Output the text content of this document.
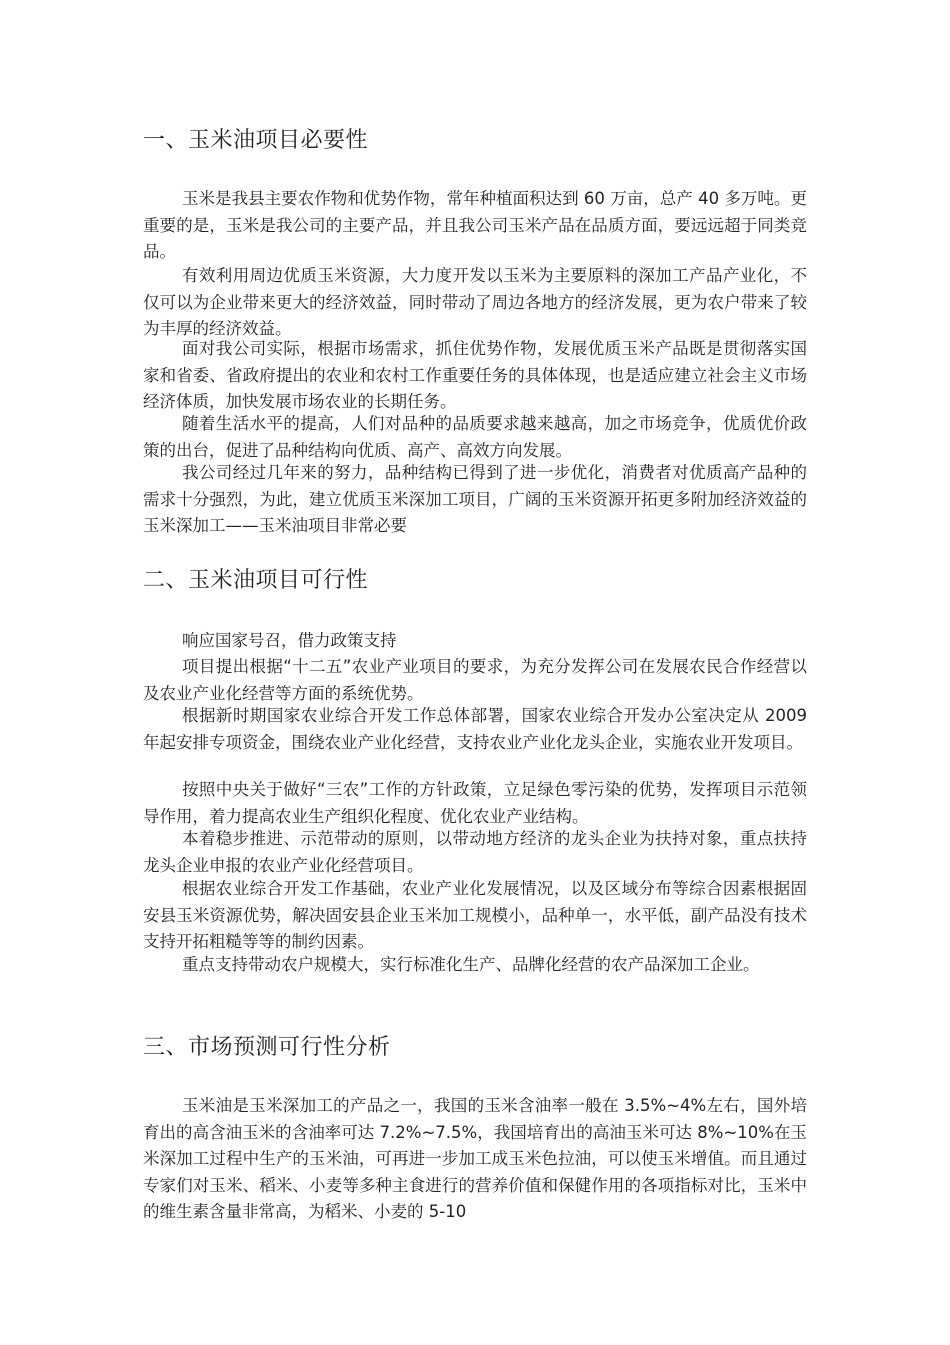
一、玉米油项目必要性

玉米是我县主要农作物和优势作物，常年种植面积达到 60 万亩，总产 40 多万吨。更重要的是，玉米是我公司的主要产品，并且我公司玉米产品在品质方面，要远远超于同类竞品。

有效利用周边优质玉米资源，大力度开发以玉米为主要原料的深加工产品产业化，不仅可以为企业带来更大的经济效益，同时带动了周边各地方的经济发展，更为农户带来了较为丰厚的经济效益。

面对我公司实际，根据市场需求，抓住优势作物，发展优质玉米产品既是贯彻落实国家和省委、省政府提出的农业和农村工作重要任务的具体体现，也是适应建立社会主义市场经济体质，加快发展市场农业的长期任务。

随着生活水平的提高，人们对品种的品质要求越来越高，加之市场竞争，优质优价政策的出台，促进了品种结构向优质、高产、高效方向发展。

我公司经过几年来的努力，品种结构已得到了进一步优化，消费者对优质高产品种的需求十分强烈，为此，建立优质玉米深加工项目，广阔的玉米资源开拓更多附加经济效益的玉米深加工——玉米油项目非常必要

二、玉米油项目可行性

响应国家号召，借力政策支持

项目提出根据“十二五”农业产业项目的要求，为充分发挥公司在发展农民合作经营以及农业产业化经营等方面的系统优势。

根据新时期国家农业综合开发工作总体部署，国家农业综合开发办公室决定从 2009 年起安排专项资金，围绕农业产业化经营，支持农业产业化龙头企业，实施农业开发项目。

按照中央关于做好“三农”工作的方针政策，立足绿色零污染的优势，发挥项目示范领导作用，着力提高农业生产组织化程度、优化农业产业结构。

本着稳步推进、示范带动的原则，以带动地方经济的龙头企业为扶持对象，重点扶持龙头企业申报的农业产业化经营项目。

根据农业综合开发工作基础，农业产业化发展情况，以及区域分布等综合因素根据固安县玉米资源优势，解决固安县企业玉米加工规模小，品种单一，水平低，副产品没有技术支持开拓粗糙等等的制约因素。

重点支持带动农户规模大，实行标准化生产、品牌化经营的农产品深加工企业。

三、市场预测可行性分析

玉米油是玉米深加工的产品之一，我国的玉米含油率一般在 3.5%~4%左右，国外培育出的高含油玉米的含油率可达 7.2%~7.5%，我国培育出的高油玉米可达 8%~10%在玉米深加工过程中生产的玉米油，可再进一步加工成玉米色拉油，可以使玉米增值。而且通过专家们对玉米、稻米、小麦等多种主食进行的营养价值和保健作用的各项指标对比，玉米中的维生素含量非常高，为稻米、小麦的 5-10
